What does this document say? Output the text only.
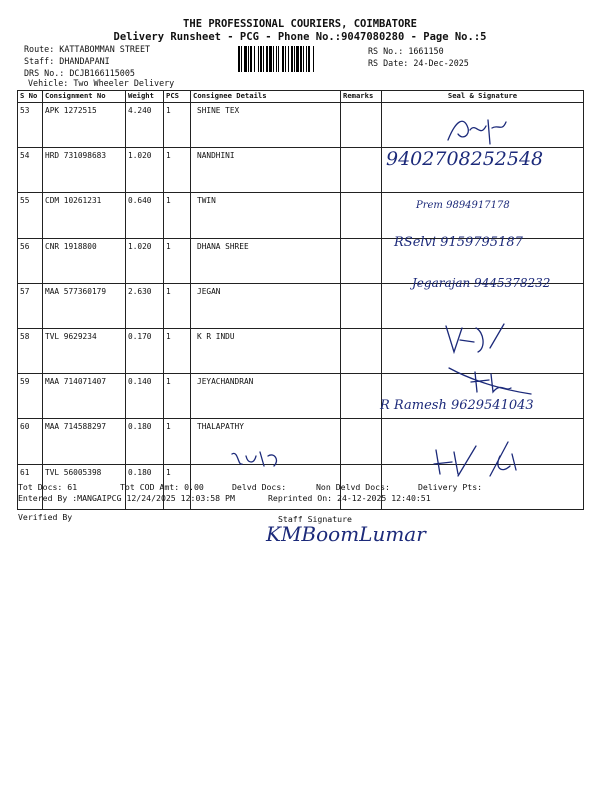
THE PROFESSIONAL COURIERS, COIMBATORE
Delivery Runsheet - PCG - Phone No.:9047080280 - Page No.:5
Route: KATTABOMMAN STREET
Staff: DHANDAPANI
DRS No.: DCJB166115005
Vehicle: Two Wheeler Delivery
RS No.: 1661150
RS Date: 24-Dec-2025
S No	Consignment No	Weight	PCS	Consignee Details	Remarks	Seal & Signature
53	APK 1272515	4.240	1	SHINE TEX		
54	HRD 731098683	1.020	1	NANDHINI		
55	CDM 10261231	0.640	1	TWIN		
56	CNR 1918800	1.020	1	DHANA SHREE		
57	MAA 577360179	2.630	1	JEGAN		
58	TVL 9629234	0.170	1	K R INDU		
59	MAA 714071407	0.140	1	JEYACHANDRAN		
60	MAA 714588297	0.180	1	THALAPATHY		
61	TVL 56005398	0.180	1			
9402708252548
Prem 9894917178
RSelvi 9159795187
Jegarajan 9445378232
R Ramesh 9629541043
KMBoomLumar
Tot Docs: 61	Tot COD Amt: 0.00	Delvd Docs:	Non Delvd Docs:	Delivery Pts:
Entered By :MANGAIPCG 12/24/2025 12:03:58 PM	Reprinted On: 24-12-2025 12:40:51
Verified By	Staff Signature
